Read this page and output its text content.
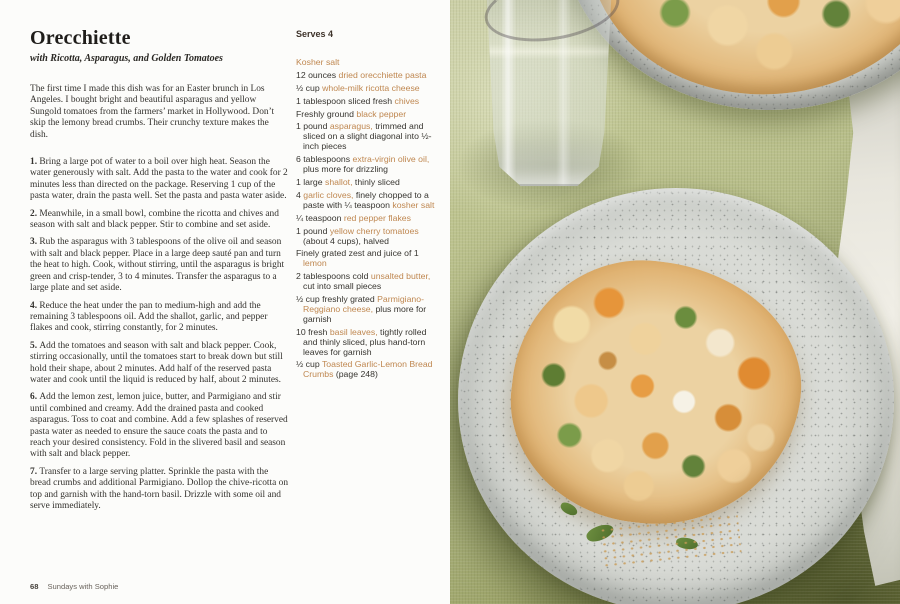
Orecchiette
with Ricotta, Asparagus, and Golden Tomatoes

The first time I made this dish was for an Easter brunch in Los Angeles. I bought bright and beautiful asparagus and yellow Sungold tomatoes from the farmers’ market in Hollywood. Don’t skip the lemony bread crumbs. Their crunchy texture makes the dish.

1. Bring a large pot of water to a boil over high heat. Season the water generously with salt. Add the pasta to the water and cook for 2 minutes less than directed on the package. Reserving 1 cup of the pasta water, drain the pasta well. Set the pasta and pasta water aside.

2. Meanwhile, in a small bowl, combine the ricotta and chives and season with salt and black pepper. Stir to combine and set aside.

3. Rub the asparagus with 3 tablespoons of the olive oil and season with salt and black pepper. Place in a large deep sauté pan and turn the heat to high. Cook, without stirring, until the asparagus is bright green and crisp-tender, 3 to 4 minutes. Transfer the asparagus to a large plate and set aside.

4. Reduce the heat under the pan to medium-high and add the remaining 3 tablespoons oil. Add the shallot, garlic, and pepper flakes and cook, stirring constantly, for 2 minutes.

5. Add the tomatoes and season with salt and black pepper. Cook, stirring occasionally, until the tomatoes start to break down but still hold their shape, about 2 minutes. Add half of the reserved pasta water and cook until the liquid is reduced by half, about 2 minutes.

6. Add the lemon zest, lemon juice, butter, and Parmigiano and stir until combined and creamy. Add the drained pasta and cooked asparagus. Toss to coat and combine. Add a few splashes of reserved pasta water as needed to ensure the sauce coats the pasta and to reach your desired consistency. Fold in the slivered basil and season with salt and black pepper.

7. Transfer to a large serving platter. Sprinkle the pasta with the bread crumbs and additional Parmigiano. Dollop the chive-ricotta on top and garnish with the hand-torn basil. Drizzle with some oil and serve immediately.

68 Sundays with Sophie
Serves 4
Kosher salt
12 ounces dried orecchiette pasta
½ cup whole-milk ricotta cheese
1 tablespoon sliced fresh chives
Freshly ground black pepper
1 pound asparagus, trimmed and sliced on a slight diagonal into ½-inch pieces
6 tablespoons extra-virgin olive oil, plus more for drizzling
1 large shallot, thinly sliced
4 garlic cloves, finely chopped to a paste with ¼ teaspoon kosher salt
¼ teaspoon red pepper flakes
1 pound yellow cherry tomatoes (about 4 cups), halved
Finely grated zest and juice of 1 lemon
2 tablespoons cold unsalted butter, cut into small pieces
½ cup freshly grated Parmigiano-Reggiano cheese, plus more for garnish
10 fresh basil leaves, tightly rolled and thinly sliced, plus hand-torn leaves for garnish
½ cup Toasted Garlic-Lemon Bread Crumbs (page 248)
